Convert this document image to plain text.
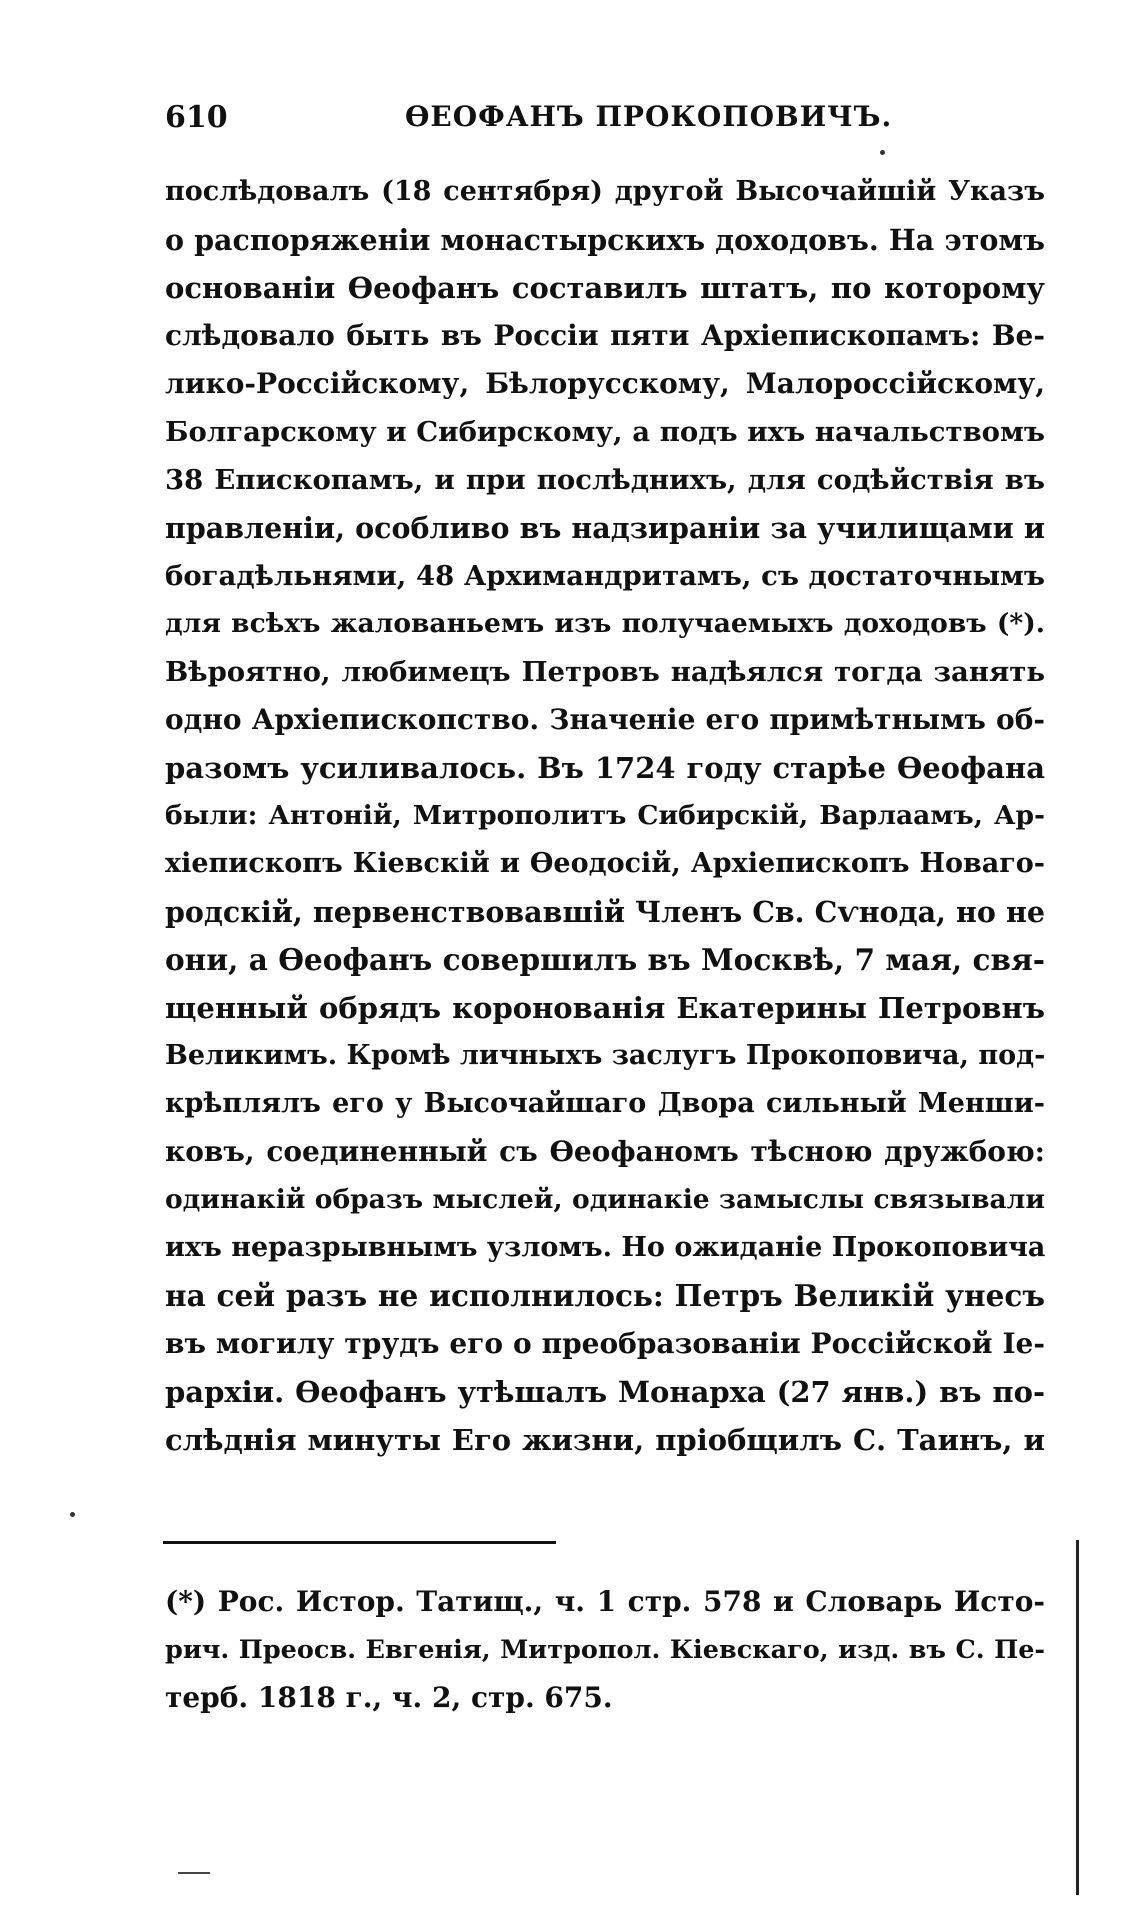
610	ѲЕОФАНЪ ПРОКОПОВИЧЪ.
послѣдовалъ (18 сентября) другой Высочайшій Указъ
о распоряженіи монастырскихъ доходовъ. На этомъ
основаніи Ѳеофанъ составилъ штатъ, по которому
слѣдовало быть въ Россіи пяти Архіепископамъ: Ве-
лико-Россійскому, Бѣлорусскому, Малороссійскому,
Болгарскому и Сибирскому, а подъ ихъ начальствомъ
38 Епископамъ, и при послѣднихъ, для содѣйствія въ
правленіи, особливо въ надзираніи за училищами и
богадѣльнями, 48 Архимандритамъ, съ достаточнымъ
для всѣхъ жалованьемъ изъ получаемыхъ доходовъ (*).
Вѣроятно, любимецъ Петровъ надѣялся тогда занять
одно Архіепископство. Значеніе его примѣтнымъ об-
разомъ усиливалось. Въ 1724 году старѣе Ѳеофана
были: Антоній, Митрополитъ Сибирскій, Варлаамъ, Ар-
хіепископъ Кіевскій и Ѳеодосій, Архіепископъ Новаго-
родскій, первенствовавшій Членъ Св. Сѵнода, но не
они, а Ѳеофанъ совершилъ въ Москвѣ, 7 мая, свя-
щенный обрядъ коронованія Екатерины Петровнъ
Великимъ. Кромѣ личныхъ заслугъ Прокоповича, под-
крѣплялъ его у Высочайшаго Двора сильный Менши-
ковъ, соединенный съ Ѳеофаномъ тѣсною дружбою:
одинакій образъ мыслей, одинакіе замыслы связывали
ихъ неразрывнымъ узломъ. Но ожиданіе Прокоповича
на сей разъ не исполнилось: Петръ Великій унесъ
въ могилу трудъ его о преобразованіи Россійской Іе-
рархіи. Ѳеофанъ утѣшалъ Монарха (27 янв.) въ по-
слѣднія минуты Его жизни, пріобщилъ С. Таинъ, и
(*) Рос. Истор. Татищ., ч. 1 стр. 578 и Словарь Исто-
рич. Преосв. Евгенія, Митропол. Кіевскаго, изд. въ С. Пе-
терб. 1818 г., ч. 2, стр. 675.
